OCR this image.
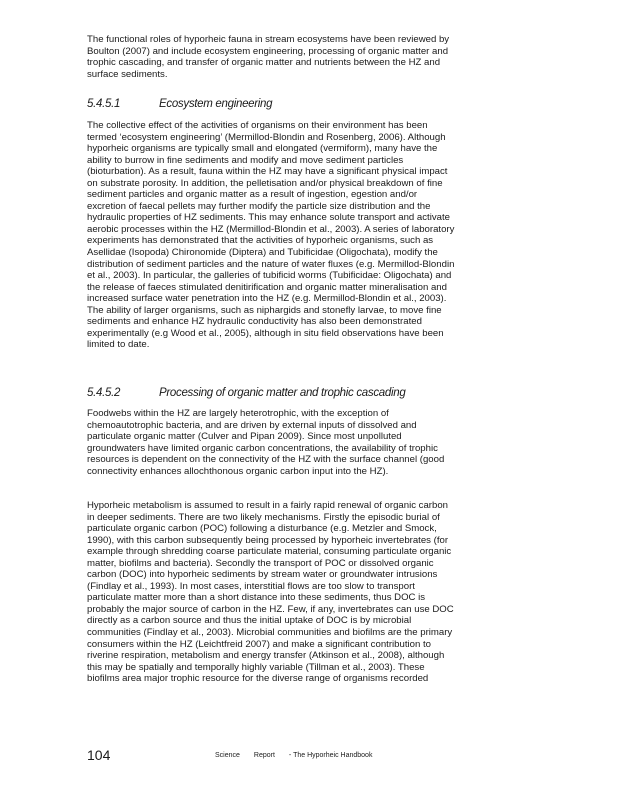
The functional roles of hyporheic fauna in stream ecosystems have been reviewed by
Boulton (2007) and include ecosystem engineering, processing of organic matter and
trophic cascading, and transfer of organic matter and nutrients between the HZ and
surface sediments.

5.4.5.1	Ecosystem engineering

The collective effect of the activities of organisms on their environment has been
termed ‘ecosystem engineering’ (Mermillod-Blondin and Rosenberg, 2006). Although
hyporheic organisms are typically small and elongated (vermiform), many have the
ability to burrow in fine sediments and modify and move sediment particles
(bioturbation). As a result, fauna within the HZ may have a significant physical impact
on substrate porosity. In addition, the pelletisation and/or physical breakdown of fine
sediment particles and organic matter as a result of ingestion, egestion and/or
excretion of faecal pellets may further modify the particle size distribution and the
hydraulic properties of HZ sediments. This may enhance solute transport and activate
aerobic processes within the HZ (Mermillod-Blondin et al., 2003). A series of laboratory
experiments has demonstrated that the activities of hyporheic organisms, such as
Asellidae (Isopoda) Chironomide (Diptera) and Tubificidae (Oligochata), modify the
distribution of sediment particles and the nature of water fluxes (e.g. Mermillod-Blondin
et al., 2003). In particular, the galleries of tubificid worms (Tubificidae: Oligochata) and
the release of faeces stimulated denitirification and organic matter mineralisation and
increased surface water penetration into the HZ (e.g. Mermillod-Blondin et al., 2003).
The ability of larger organisms, such as niphargids and stonefly larvae, to move fine
sediments and enhance HZ hydraulic conductivity has also been demonstrated
experimentally (e.g Wood et al., 2005), although in situ field observations have been
limited to date.

5.4.5.2	Processing of organic matter and trophic cascading

Foodwebs within the HZ are largely heterotrophic, with the exception of
chemoautotrophic bacteria, and are driven by external inputs of dissolved and
particulate organic matter (Culver and Pipan 2009). Since most unpolluted
groundwaters have limited organic carbon concentrations, the availability of trophic
resources is dependent on the connectivity of the HZ with the surface channel (good
connectivity enhances allochthonous organic carbon input into the HZ).

Hyporheic metabolism is assumed to result in a fairly rapid renewal of organic carbon
in deeper sediments. There are two likely mechanisms. Firstly the episodic burial of
particulate organic carbon (POC) following a disturbance (e.g. Metzler and Smock,
1990), with this carbon subsequently being processed by hyporheic invertebrates (for
example through shredding coarse particulate material, consuming particulate organic
matter, biofilms and bacteria). Secondly the transport of POC or dissolved organic
carbon (DOC) into hyporheic sediments by stream water or groundwater intrusions
(Findlay et al., 1993). In most cases, interstitial flows are too slow to transport
particulate matter more than a short distance into these sediments, thus DOC is
probably the major source of carbon in the HZ. Few, if any, invertebrates can use DOC
directly as a carbon source and thus the initial uptake of DOC is by microbial
communities (Findlay et al., 2003). Microbial communities and biofilms are the primary
consumers within the HZ (Leichtfreid 2007) and make a significant contribution to
riverine respiration, metabolism and energy transfer (Atkinson et al., 2008), although
this may be spatially and temporally highly variable (Tillman et al., 2003). These
biofilms area major trophic resource for the diverse range of organisms recorded

104	Science Report - The Hyporheic Handbook
